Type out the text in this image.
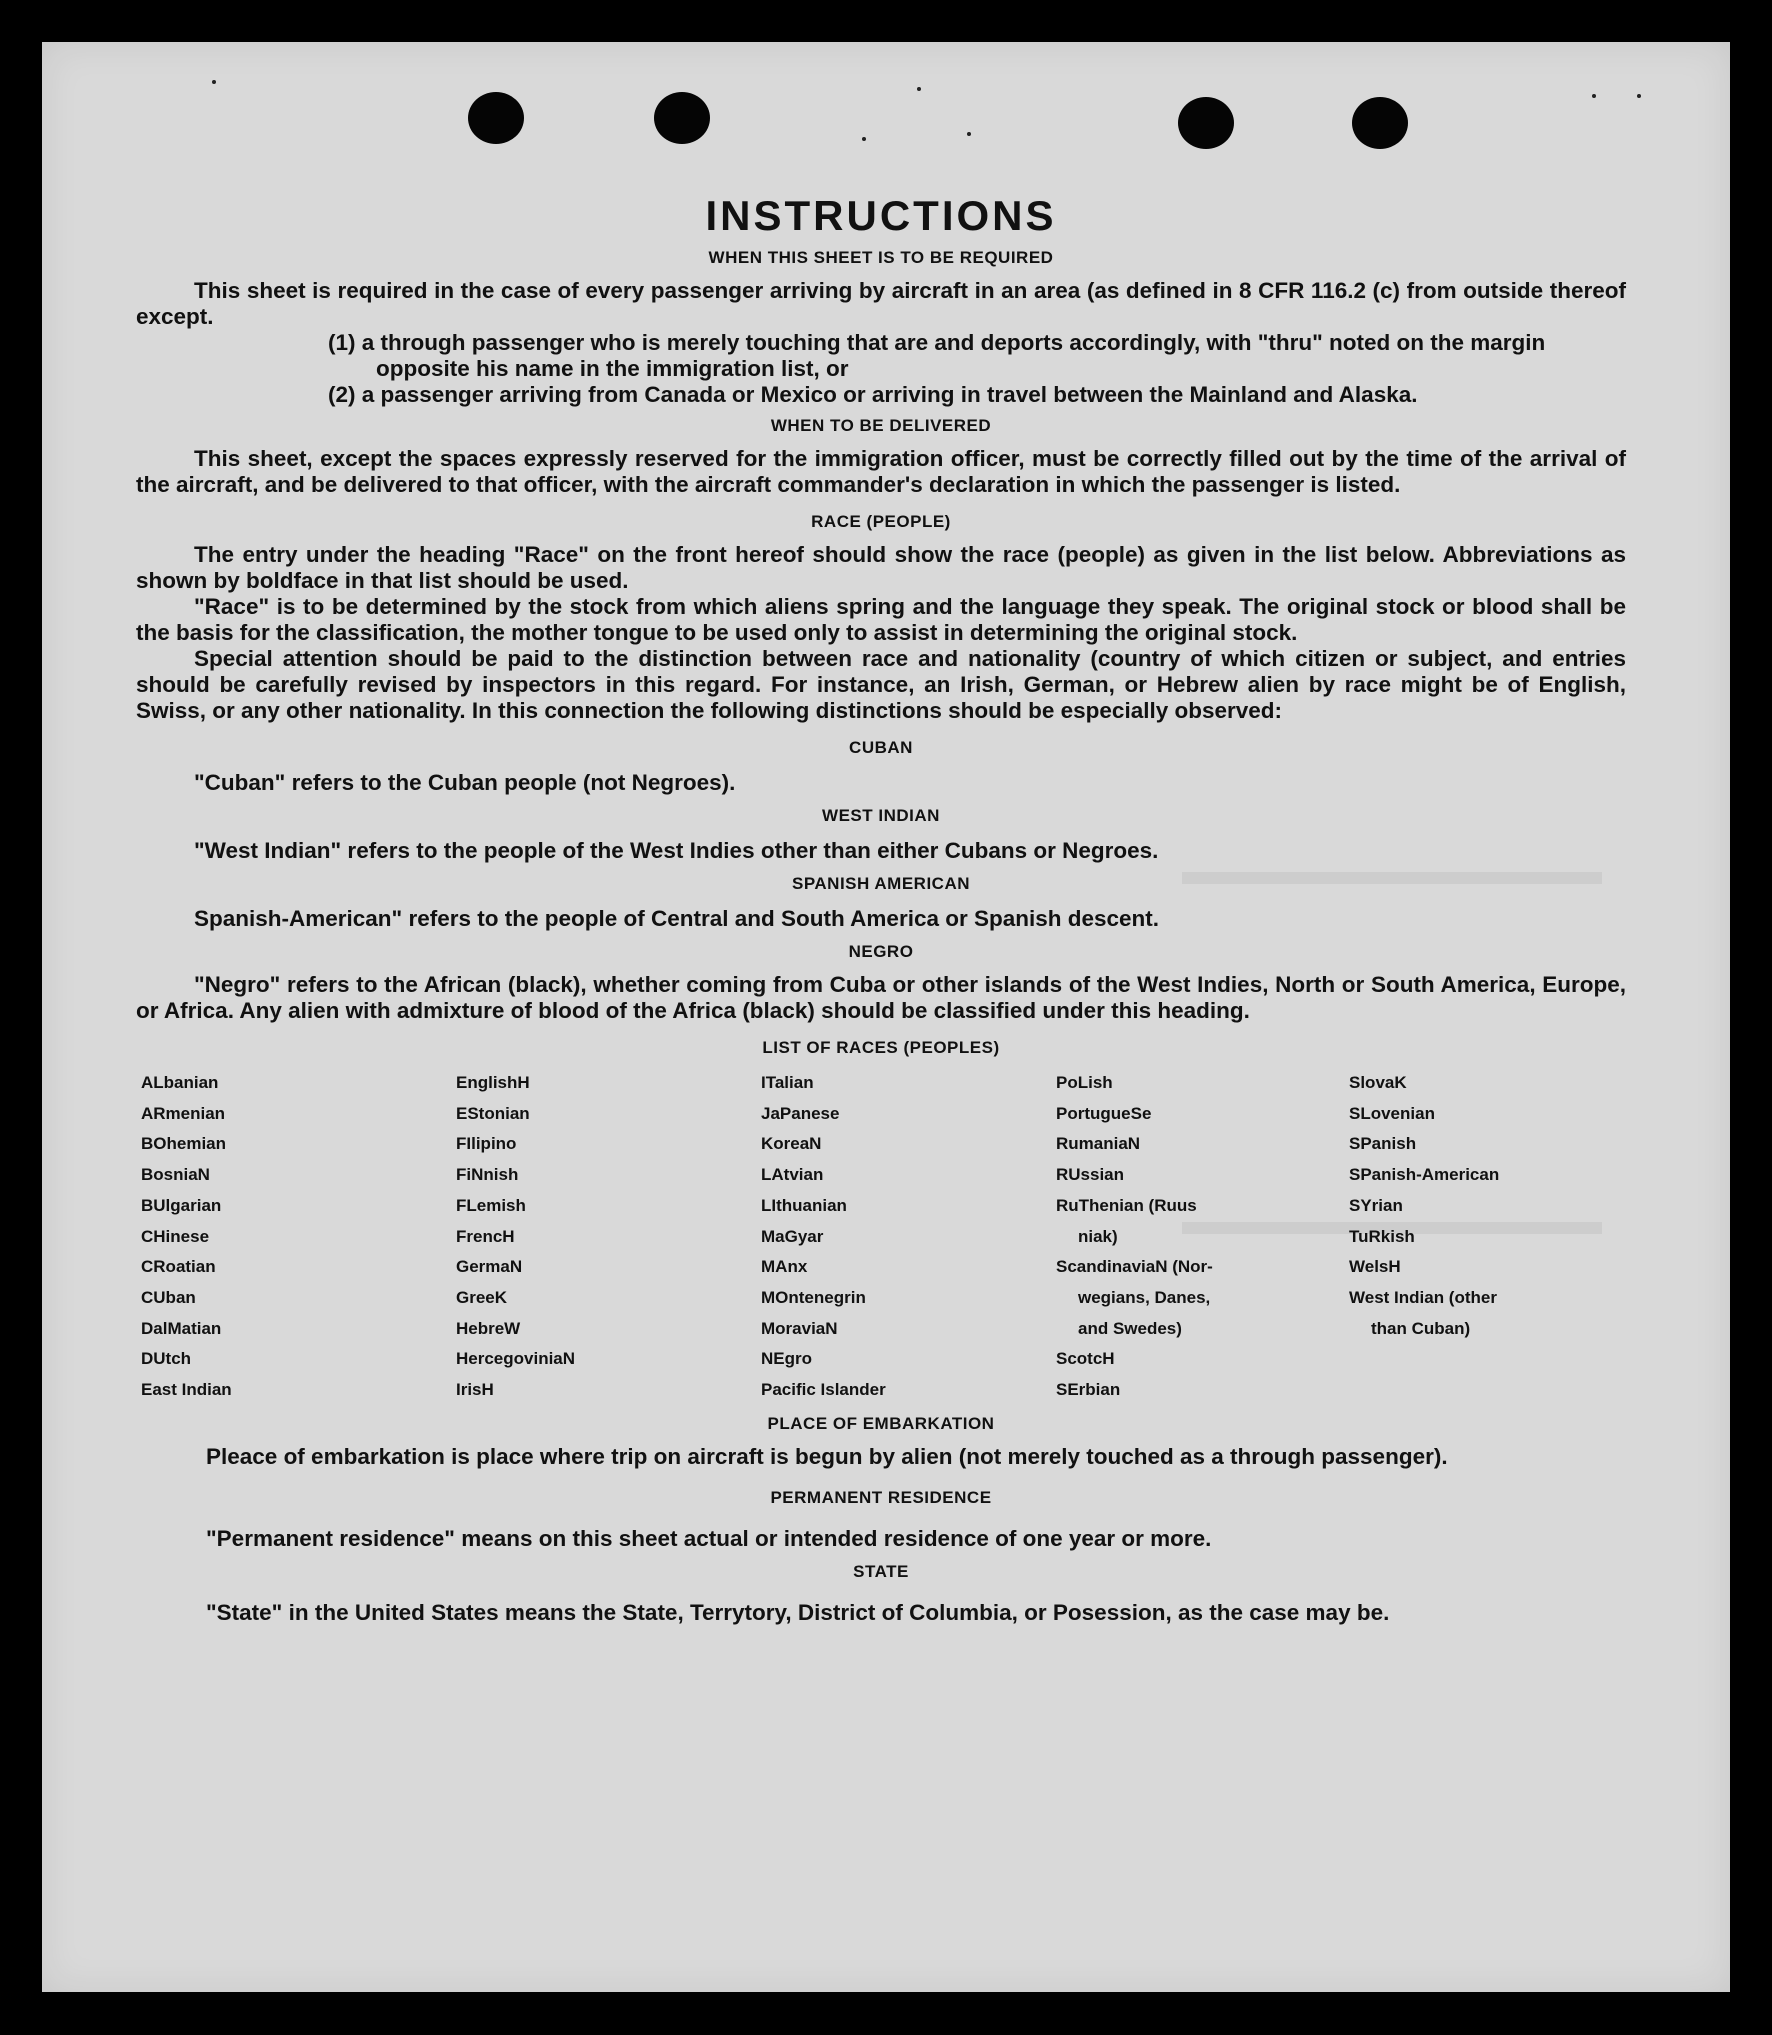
INSTRUCTIONS
WHEN THIS SHEET IS TO BE REQUIRED

This sheet is required in the case of every passenger arriving by aircraft in an area (as defined in 8 CFR 116.2 (c) from outside thereof except.

(1) a through passenger who is merely touching that are and deports accordingly, with "thru" noted on the margin opposite his name in the immigration list, or

(2) a passenger arriving from Canada or Mexico or arriving in travel between the Mainland and Alaska.

WHEN TO BE DELIVERED

This sheet, except the spaces expressly reserved for the immigration officer, must be correctly filled out by the time of the arrival of the aircraft, and be delivered to that officer, with the aircraft commander's declaration in which the passenger is listed.

RACE (PEOPLE)

The entry under the heading "Race" on the front hereof should show the race (people) as given in the list below. Abbreviations as shown by boldface in that list should be used.

"Race" is to be determined by the stock from which aliens spring and the language they speak. The original stock or blood shall be the basis for the classification, the mother tongue to be used only to assist in determining the original stock.

Special attention should be paid to the distinction between race and nationality (country of which citizen or subject, and entries should be carefully revised by inspectors in this regard. For instance, an Irish, German, or Hebrew alien by race might be of English, Swiss, or any other nationality. In this connection the following distinctions should be especially observed:

CUBAN

"Cuban" refers to the Cuban people (not Negroes).

WEST INDIAN

"West Indian" refers to the people of the West Indies other than either Cubans or Negroes.

SPANISH AMERICAN

Spanish-American" refers to the people of Central and South America or Spanish descent.

NEGRO

"Negro" refers to the African (black), whether coming from Cuba or other islands of the West Indies, North or South America, Europe, or Africa. Any alien with admixture of blood of the Africa (black) should be classified under this heading.

LIST OF RACES (PEOPLES)
ALbanian
ARmenian
BOhemian
BosniaN
BUlgarian
CHinese
CRoatian
CUban
DalMatian
DUtch
East Indian
EnglishH
EStonian
FIlipino
FiNnish
FLemish
FrencH
GermaN
GreeK
HebreW
HercegoviniaN
IrisH
ITalian
JaPanese
KoreaN
LAtvian
LIthuanian
MaGyar
MAnx
MOntenegrin
MoraviaN
NEgro
Pacific Islander
PoLish
PortugueSe
RumaniaN
RUssian
RuThenian (Ruus
niak)
ScandinaviaN (Nor-
wegians, Danes,
and Swedes)
ScotcH
SErbian
SlovaK
SLovenian
SPanish
SPanish-American
SYrian
TuRkish
WelsH
West Indian (other
than Cuban)
PLACE OF EMBARKATION

Pleace of embarkation is place where trip on aircraft is begun by alien (not merely touched as a through passenger).

PERMANENT RESIDENCE

"Permanent residence" means on this sheet actual or intended residence of one year or more.

STATE

"State" in the United States means the State, Terrytory, District of Columbia, or Posession, as the case may be.
